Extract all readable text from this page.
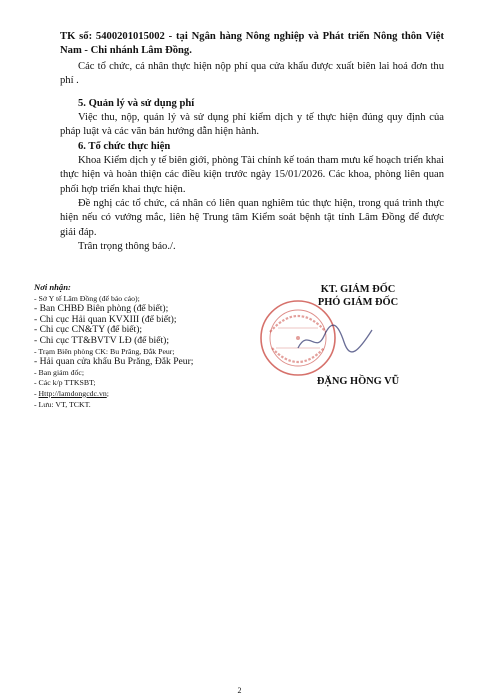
TK số: 5400201015002 - tại Ngân hàng Nông nghiệp và Phát triển Nông thôn Việt Nam - Chi nhánh Lâm Đồng.
Các tổ chức, cá nhân thực hiện nộp phí qua cửa khẩu được xuất biên lai hoá đơn thu phí .
5. Quản lý và sử dụng phí
Việc thu, nộp, quản lý và sử dụng phí kiểm dịch y tế thực hiện đúng quy định của pháp luật và các văn bản hướng dẫn hiện hành.
6. Tổ chức thực hiện
Khoa Kiểm dịch y tế biên giới, phòng Tài chính kế toán tham mưu kế hoạch triển khai thực hiện và hoàn thiện các điều kiện trước ngày 15/01/2026. Các khoa, phòng liên quan phối hợp triển khai thực hiện.
Đề nghị các tổ chức, cá nhân có liên quan nghiêm túc thực hiện, trong quá trình thực hiện nếu có vướng mắc, liên hệ Trung tâm Kiểm soát bệnh tật tỉnh Lâm Đồng để được giải đáp.
Trân trọng thông báo./.
Nơi nhận:
- Sở Y tế Lâm Đồng (để báo cáo);
- Ban CHBĐ Biên phòng (để biết);
- Chi cục Hải quan KVXIII (để biết);
- Chi cục CN&TY (để biết);
- Chi cục TT&BVTV LĐ (để biết);
- Trạm Biên phòng CK: Bu Prăng, Đắk Peur;
- Hải quan cửa khẩu Bu Prăng, Đắk Peur;
- Ban giám đốc;
- Các k/p TTKSBT;
- Http://lamdongcdc.vn;
- Lưu: VT, TCKT.
KT. GIÁM ĐỐC
PHÓ GIÁM ĐỐC
ĐẶNG HỒNG VŨ
2
